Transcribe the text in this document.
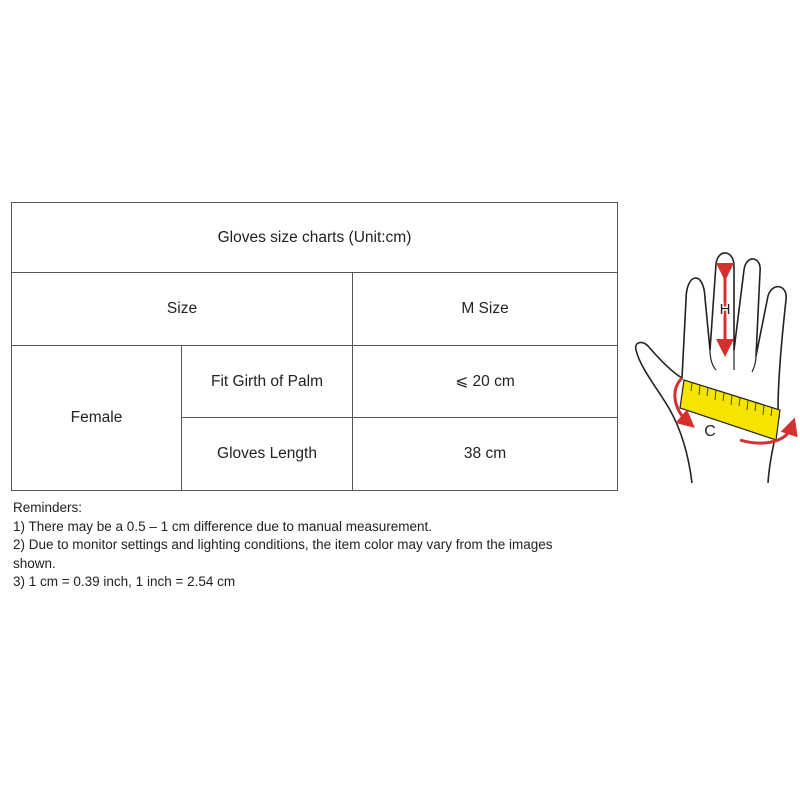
Gloves size charts (Unit:cm)		
Size		M Size
Female	Fit Girth of Palm	⩽ 20 cm
	Gloves Length	38 cm
Reminders:
1) There may be a 0.5 – 1 cm difference due to manual measurement.
2) Due to monitor settings and lighting conditions, the item color may vary from the images shown.
3) 1 cm = 0.39 inch, 1 inch = 2.54 cm
H
C
